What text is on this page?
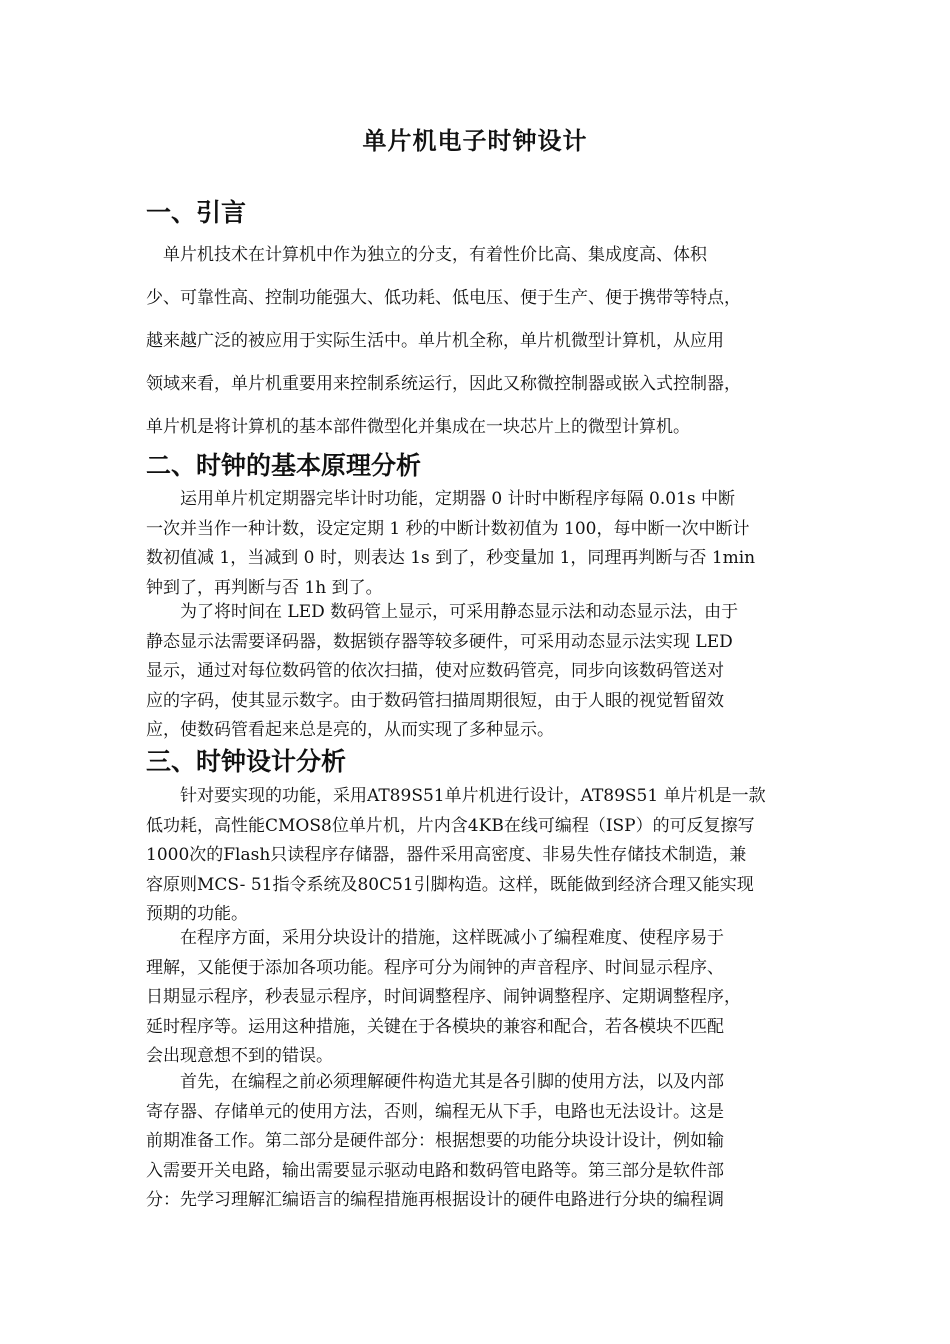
单片机电子时钟设计
一、引言
　单片机技术在计算机中作为独立的分支，有着性价比高、集成度高、体积
少、可靠性高、控制功能强大、低功耗、低电压、便于生产、便于携带等特点，
越来越广泛的被应用于实际生活中。单片机全称，单片机微型计算机，从应用
领域来看，单片机重要用来控制系统运行，因此又称微控制器或嵌入式控制器，
单片机是将计算机的基本部件微型化并集成在一块芯片上的微型计算机。
二、时钟的基本原理分析
　　运用单片机定期器完毕计时功能，定期器 0 计时中断程序每隔 0.01s 中断
一次并当作一种计数，设定定期 1 秒的中断计数初值为 100，每中断一次中断计
数初值减 1，当减到 0 时，则表达 1s 到了，秒变量加 1，同理再判断与否 1min
钟到了，再判断与否 1h 到了。
　　为了将时间在 LED 数码管上显示，可采用静态显示法和动态显示法，由于
静态显示法需要译码器，数据锁存器等较多硬件，可采用动态显示法实现 LED
显示，通过对每位数码管的依次扫描，使对应数码管亮，同步向该数码管送对
应的字码，使其显示数字。由于数码管扫描周期很短，由于人眼的视觉暂留效
应，使数码管看起来总是亮的，从而实现了多种显示。
三、时钟设计分析
　　针对要实现的功能，采用AT89S51单片机进行设计，AT89S51 单片机是一款
低功耗，高性能CMOS8位单片机，片内含4KB在线可编程（ISP）的可反复擦写
1000次的Flash只读程序存储器，器件采用高密度、非易失性存储技术制造，兼
容原则MCS- 51指令系统及80C51引脚构造。这样，既能做到经济合理又能实现
预期的功能。
　　在程序方面，采用分块设计的措施，这样既减小了编程难度、使程序易于
理解，又能便于添加各项功能。程序可分为闹钟的声音程序、时间显示程序、
日期显示程序，秒表显示程序，时间调整程序、闹钟调整程序、定期调整程序，
延时程序等。运用这种措施，关键在于各模块的兼容和配合，若各模块不匹配
会出现意想不到的错误。
　　首先，在编程之前必须理解硬件构造尤其是各引脚的使用方法，以及内部
寄存器、存储单元的使用方法，否则，编程无从下手，电路也无法设计。这是
前期准备工作。第二部分是硬件部分：根据想要的功能分块设计设计，例如输
入需要开关电路，输出需要显示驱动电路和数码管电路等。第三部分是软件部
分：先学习理解汇编语言的编程措施再根据设计的硬件电路进行分块的编程调
